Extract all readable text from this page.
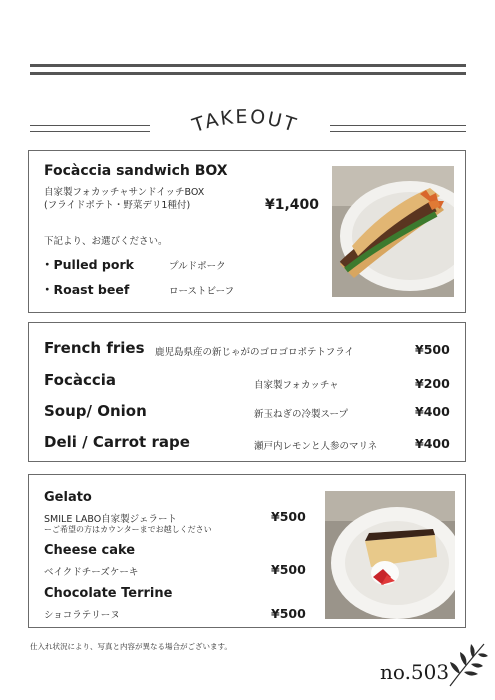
TAKEOUT
Focàccia sandwich BOX
自家製フォカッチャサンドイッチBOX
(フライドポテト・野菜デリ1種付)	¥1,400
下記より、お選びください。
・Pulled pork	プルドポーク
・Roast beef	ローストビーフ
French fries 鹿児島県産の新じゃがのゴロゴロポテトフライ	¥500
Focàccia	自家製フォカッチャ	¥200
Soup/ Onion	新玉ねぎの冷製スープ	¥400
Deli / Carrot rape	瀬戸内レモンと人参のマリネ	¥400
Gelato
SMILE LABO自家製ジェラート
ーご希望の方はカウンターまでお越しください
¥500
Cheese cake
ベイクドチーズケーキ	¥500
Chocolate Terrine
ショコラテリーヌ	¥500
仕入れ状況により、写真と内容が異なる場合がございます。
no.503
